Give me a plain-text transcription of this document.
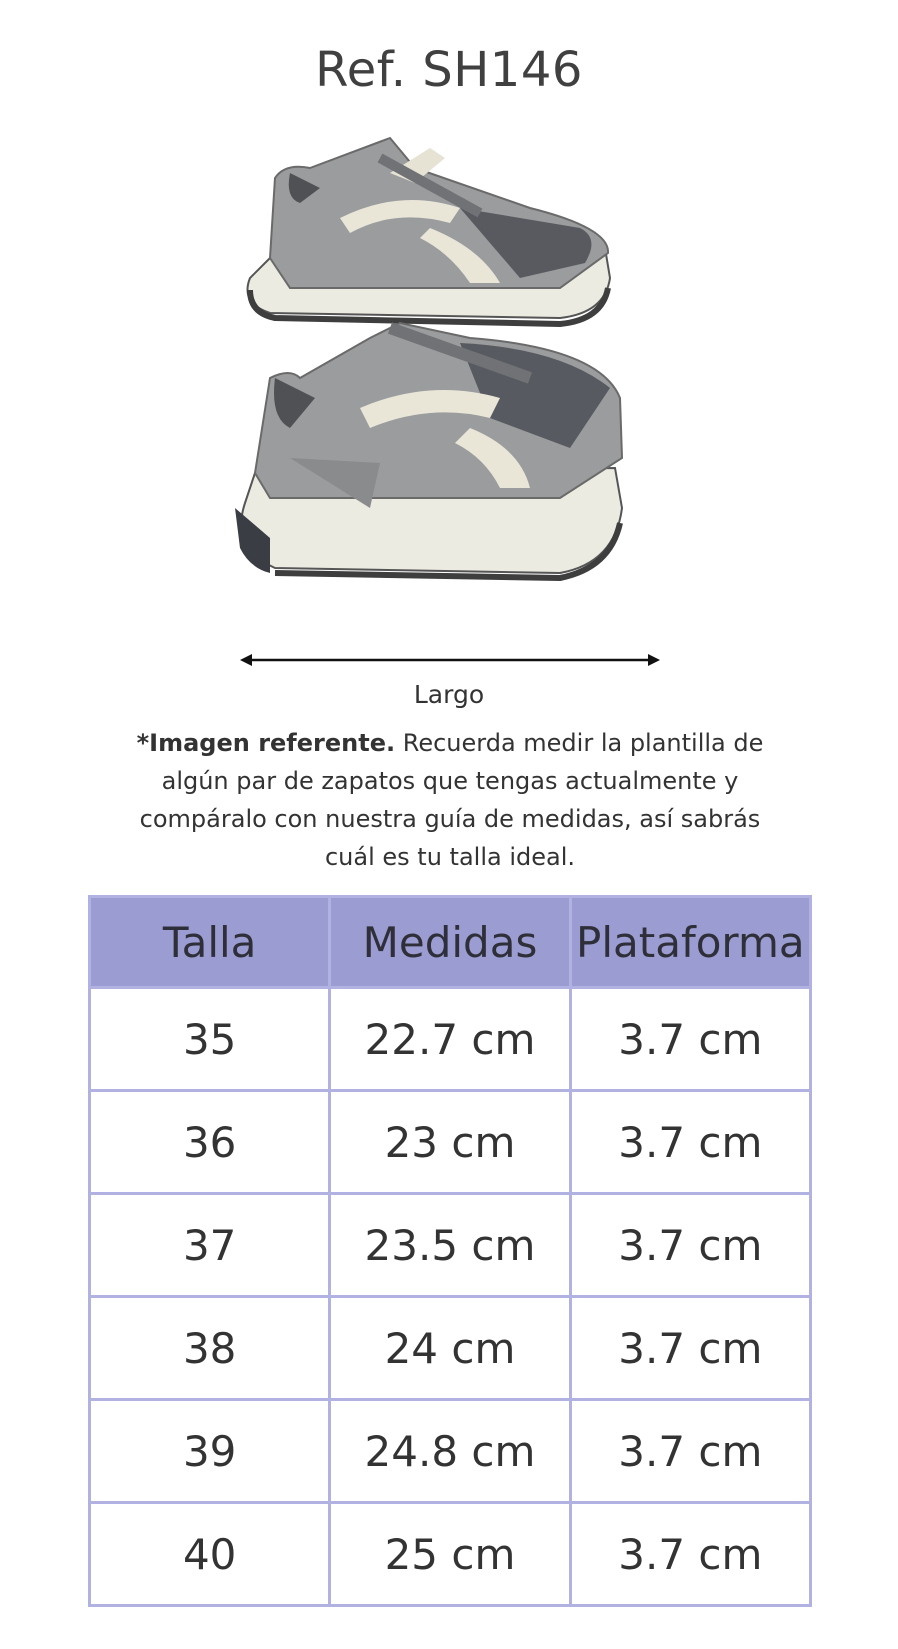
Ref. SH146
Largo
*Imagen referente. Recuerda medir la plantilla de algún par de zapatos que tengas actualmente y compáralo con nuestra guía de medidas, así sabrás cuál es tu talla ideal.
Talla	Medidas	Plataforma
35	22.7 cm	3.7 cm
36	23 cm	3.7 cm
37	23.5 cm	3.7 cm
38	24 cm	3.7 cm
39	24.8 cm	3.7 cm
40	25 cm	3.7 cm
